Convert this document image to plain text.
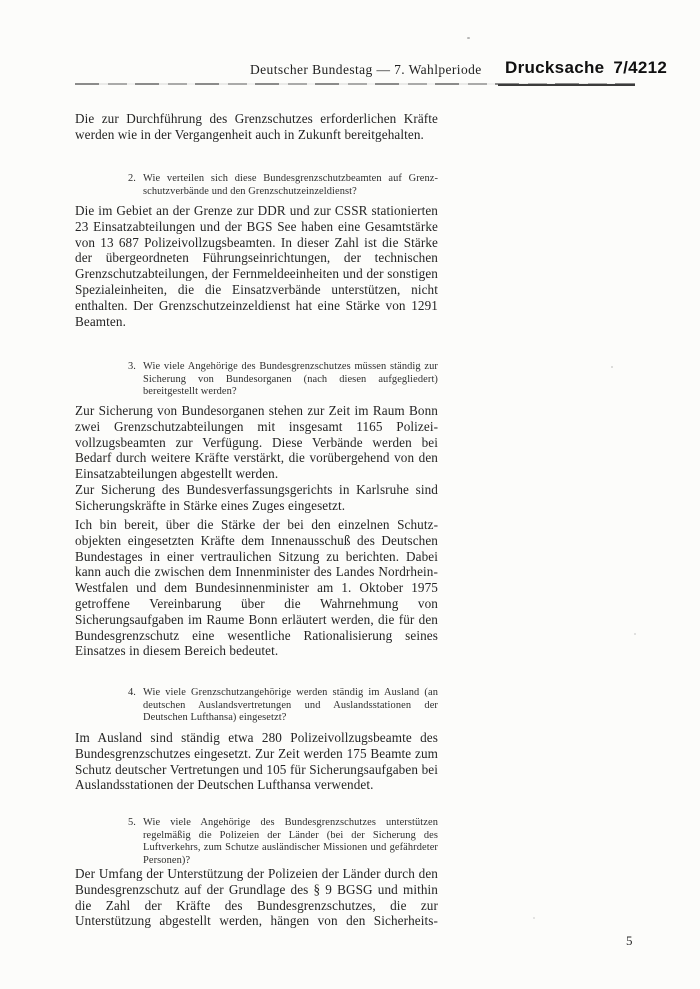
Deutscher Bundestag — 7. Wahlperiode Drucksache 7/4212

Die zur Durchführung des Grenzschutzes erforderlichen Kräfte werden wie in der Vergangenheit auch in Zukunft bereitgehalten.

2. Wie verteilen sich diese Bundesgrenzschutzbeamten auf Grenzschutzverbände und den Grenzschutzeinzeldienst?

Die im Gebiet an der Grenze zur DDR und zur CSSR stationierten 23 Einsatzabteilungen und der BGS See haben eine Gesamtstärke von 13 687 Polizeivollzugsbeamten. In dieser Zahl ist die Stärke der übergeordneten Führungseinrichtungen, der technischen Grenzschutzabteilungen, der Fernmeldeeinheiten und der sonstigen Spezialeinheiten, die die Einsatzverbände unterstützen, nicht enthalten. Der Grenzschutzeinzeldienst hat eine Stärke von 1291 Beamten.

3. Wie viele Angehörige des Bundesgrenzschutzes müssen ständig zur Sicherung von Bundesorganen (nach diesen aufgegliedert) bereitgestellt werden?

Zur Sicherung von Bundesorganen stehen zur Zeit im Raum Bonn zwei Grenzschutzabteilungen mit insgesamt 1165 Polizeivollzugsbeamten zur Verfügung. Diese Verbände werden bei Bedarf durch weitere Kräfte verstärkt, die vorübergehend von den Einsatzabteilungen abgestellt werden.

Zur Sicherung des Bundesverfassungsgerichts in Karlsruhe sind Sicherungskräfte in Stärke eines Zuges eingesetzt.

Ich bin bereit, über die Stärke der bei den einzelnen Schutzobjekten eingesetzten Kräfte dem Innenausschuß des Deutschen Bundestages in einer vertraulichen Sitzung zu berichten. Dabei kann auch die zwischen dem Innenminister des Landes Nordrhein-Westfalen und dem Bundesinnenminister am 1. Oktober 1975 getroffene Vereinbarung über die Wahrnehmung von Sicherungsaufgaben im Raume Bonn erläutert werden, die für den Bundesgrenzschutz eine wesentliche Rationalisierung seines Einsatzes in diesem Bereich bedeutet.

4. Wie viele Grenzschutzangehörige werden ständig im Ausland (an deutschen Auslandsvertretungen und Auslandsstationen der Deutschen Lufthansa) eingesetzt?

Im Ausland sind ständig etwa 280 Polizeivollzugsbeamte des Bundesgrenzschutzes eingesetzt. Zur Zeit werden 175 Beamte zum Schutz deutscher Vertretungen und 105 für Sicherungsaufgaben bei Auslandsstationen der Deutschen Lufthansa verwendet.

5. Wie viele Angehörige des Bundesgrenzschutzes unterstützen regelmäßig die Polizeien der Länder (bei der Sicherung des Luftverkehrs, zum Schutze ausländischer Missionen und gefährdeter Personen)?

Der Umfang der Unterstützung der Polizeien der Länder durch den Bundesgrenzschutz auf der Grundlage des § 9 BGSG und mithin die Zahl der Kräfte des Bundesgrenzschutzes, die zur Unterstützung abgestellt werden, hängen von den Sicherheits-

5
